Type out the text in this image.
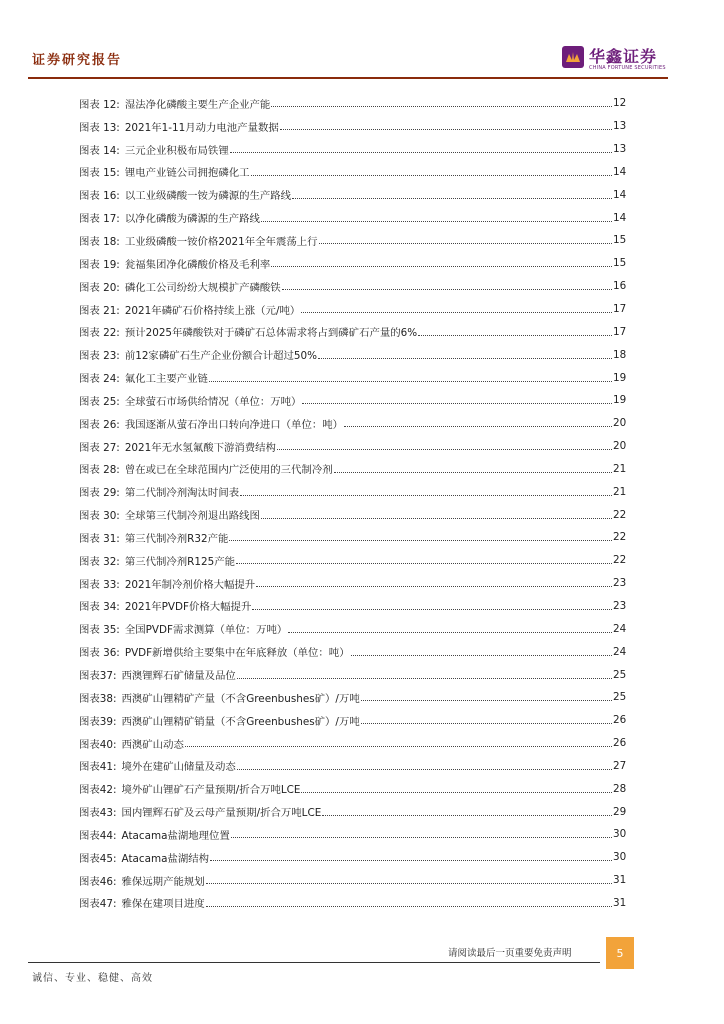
证券研究报告	华鑫证券
CHINA FORTUNE SECURITIES
图表 12: 湿法净化磷酸主要生产企业产能	12
图表 13: 2021年1-11月动力电池产量数据	13
图表 14: 三元企业积极布局铁锂	13
图表 15: 锂电产业链公司拥抱磷化工	14
图表 16: 以工业级磷酸一铵为磷源的生产路线	14
图表 17: 以净化磷酸为磷源的生产路线	14
图表 18: 工业级磷酸一铵价格2021年全年震荡上行	15
图表 19: 瓮福集团净化磷酸价格及毛利率	15
图表 20: 磷化工公司纷纷大规模扩产磷酸铁	16
图表 21: 2021年磷矿石价格持续上涨（元/吨）	17
图表 22: 预计2025年磷酸铁对于磷矿石总体需求将占到磷矿石产量的6%	17
图表 23: 前12家磷矿石生产企业份额合计超过50%	18
图表 24: 氟化工主要产业链	19
图表 25: 全球萤石市场供给情况（单位：万吨）	19
图表 26: 我国逐渐从萤石净出口转向净进口（单位：吨）	20
图表 27: 2021年无水氢氟酸下游消费结构	20
图表 28: 曾在或已在全球范围内广泛使用的三代制冷剂	21
图表 29: 第二代制冷剂淘汰时间表	21
图表 30: 全球第三代制冷剂退出路线图	22
图表 31: 第三代制冷剂R32产能	22
图表 32: 第三代制冷剂R125产能	22
图表 33: 2021年制冷剂价格大幅提升	23
图表 34: 2021年PVDF价格大幅提升	23
图表 35: 全国PVDF需求测算（单位：万吨）	24
图表 36: PVDF新增供给主要集中在年底释放（单位：吨）	24
图表37: 西澳锂辉石矿储量及品位	25
图表38: 西澳矿山锂精矿产量（不含Greenbushes矿）/万吨	25
图表39: 西澳矿山锂精矿销量（不含Greenbushes矿）/万吨	26
图表40: 西澳矿山动态	26
图表41: 境外在建矿山储量及动态	27
图表42: 境外矿山锂矿石产量预期/折合万吨LCE	28
图表43: 国内锂辉石矿及云母产量预期/折合万吨LCE	29
图表44: Atacama盐湖地理位置	30
图表45: Atacama盐湖结构	30
图表46: 雅保远期产能规划	31
图表47: 雅保在建项目进度	31
请阅读最后一页重要免责声明	5
诚信、专业、稳健、高效
